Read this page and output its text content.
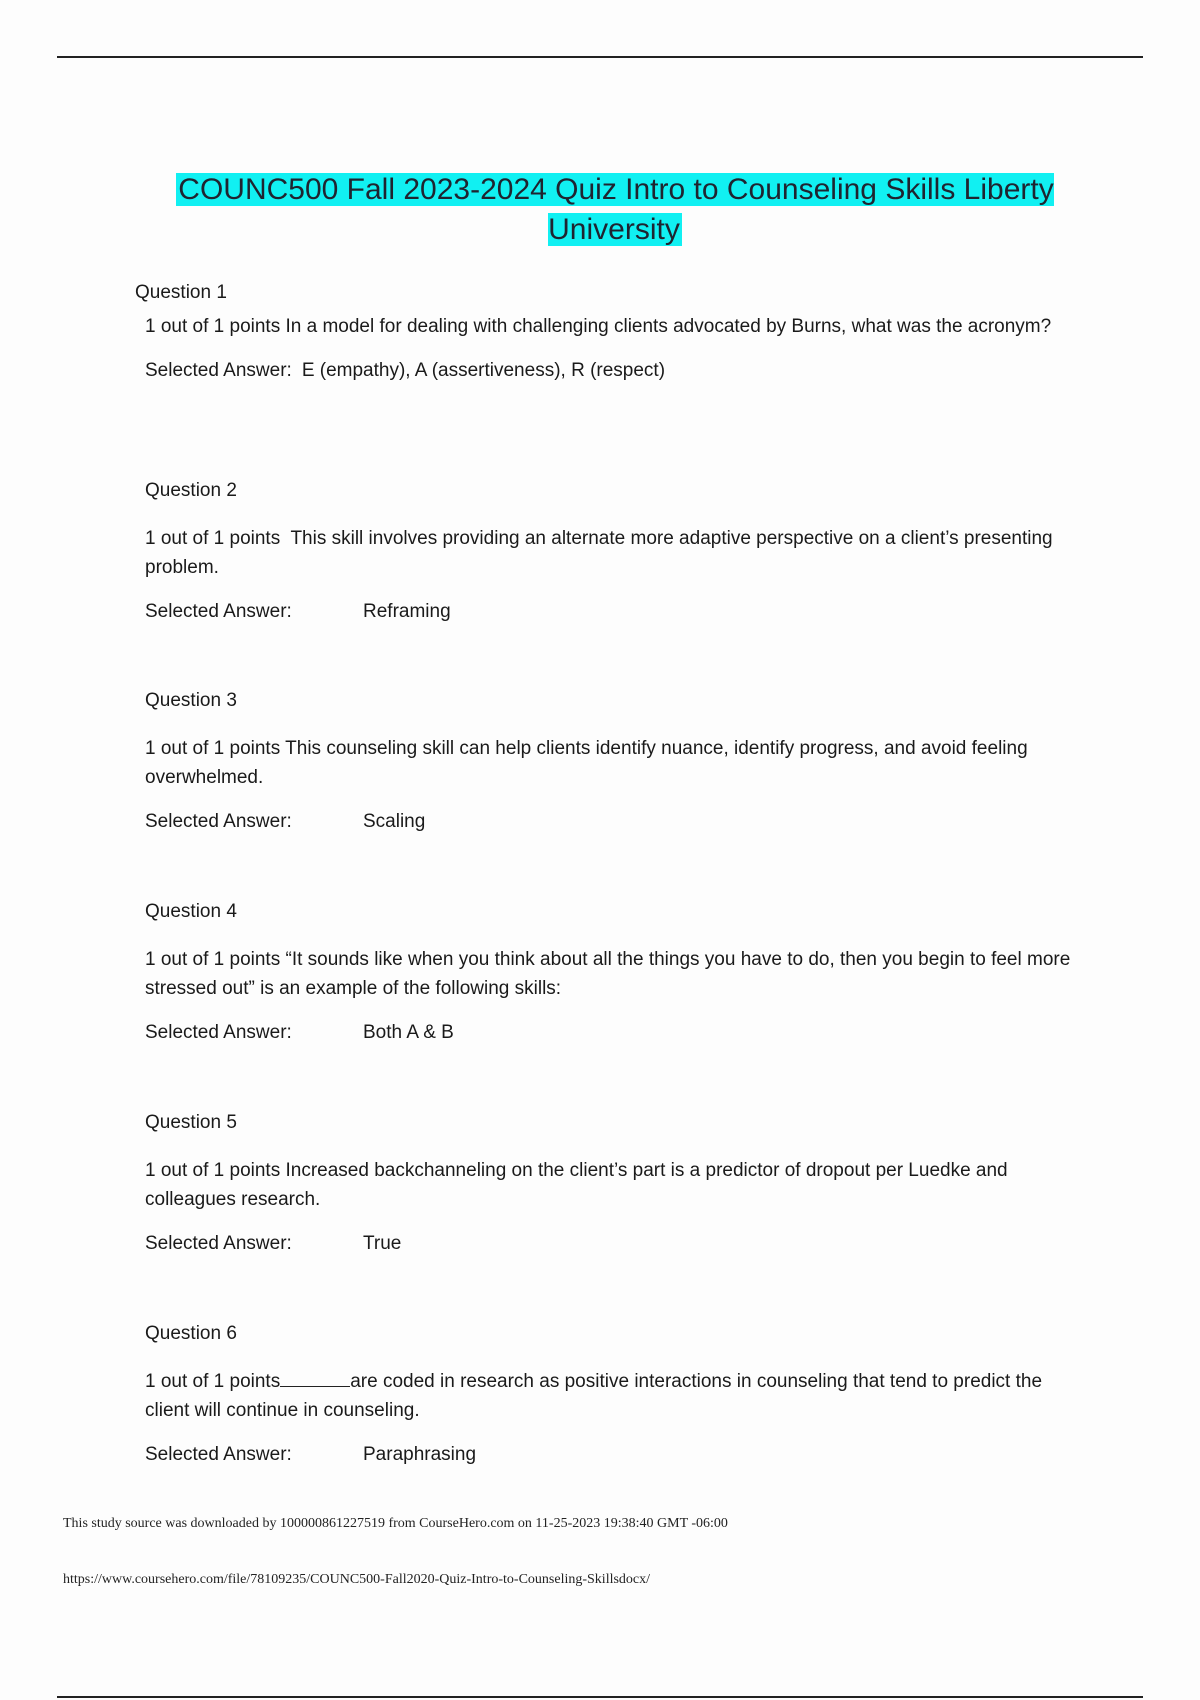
COUNC500 Fall 2023-2024 Quiz Intro to Counseling Skills Liberty University
Question 1
1 out of 1 points In a model for dealing with challenging clients advocated by Burns, what was the acronym?
Selected Answer: E (empathy), A (assertiveness), R (respect)
Question 2
1 out of 1 points This skill involves providing an alternate more adaptive perspective on a client’s presenting problem.
Selected Answer:	Reframing
Question 3
1 out of 1 points This counseling skill can help clients identify nuance, identify progress, and avoid feeling overwhelmed.
Selected Answer:	Scaling
Question 4
1 out of 1 points “It sounds like when you think about all the things you have to do, then you begin to feel more stressed out” is an example of the following skills:
Selected Answer:	Both A & B
Question 5
1 out of 1 points Increased backchanneling on the client’s part is a predictor of dropout per Luedke and colleagues research.
Selected Answer:	True
Question 6
1 out of 1 points	are coded in research as positive interactions in counseling that tend to predict the client will continue in counseling.
Selected Answer:	Paraphrasing
This study source was downloaded by 100000861227519 from CourseHero.com on 11-25-2023 19:38:40 GMT -06:00
https://www.coursehero.com/file/78109235/COUNC500-Fall2020-Quiz-Intro-to-Counseling-Skillsdocx/
